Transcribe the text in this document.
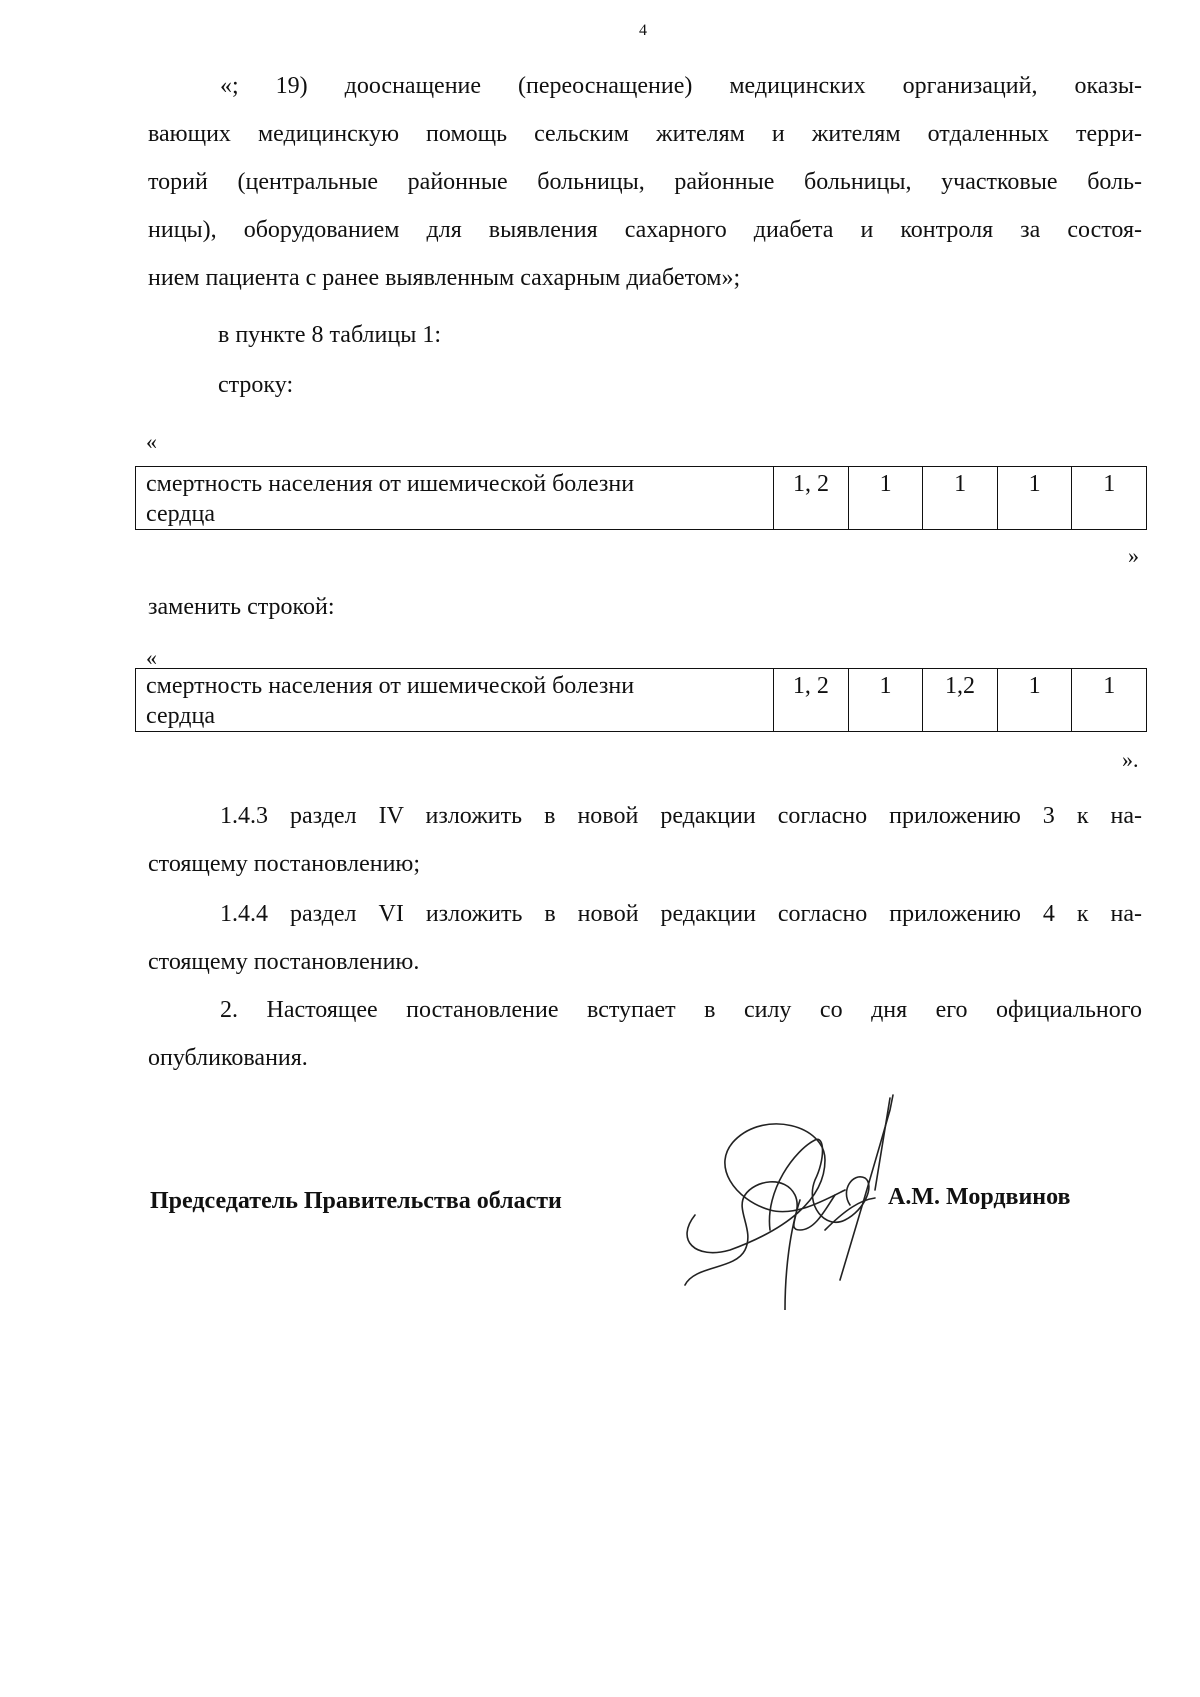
4
«; 19) дооснащение (переоснащение) медицинских организаций, оказы-
вающих медицинскую помощь сельским жителям и жителям отдаленных терри-
торий (центральные районные больницы, районные больницы, участковые боль-
ницы), оборудованием для выявления сахарного диабета и контроля за состоя-
нием пациента с ранее выявленным сахарным диабетом»;

в пункте 8 таблицы 1:

строку:

«
смертность населения от ишемической болезни
сердца	1, 2	1	1	1	1
»

заменить строкой:

«
смертность населения от ишемической болезни
сердца	1, 2	1	1,2	1	1
».
1.4.3 раздел IV изложить в новой редакции согласно приложению 3 к на-
стоящему постановлению;
1.4.4 раздел VI изложить в новой редакции согласно приложению 4 к на-
стоящему постановлению.
2. Настоящее постановление вступает в силу со дня его официального
опубликования.
Председатель Правительства области	А.М. Мордвинов
